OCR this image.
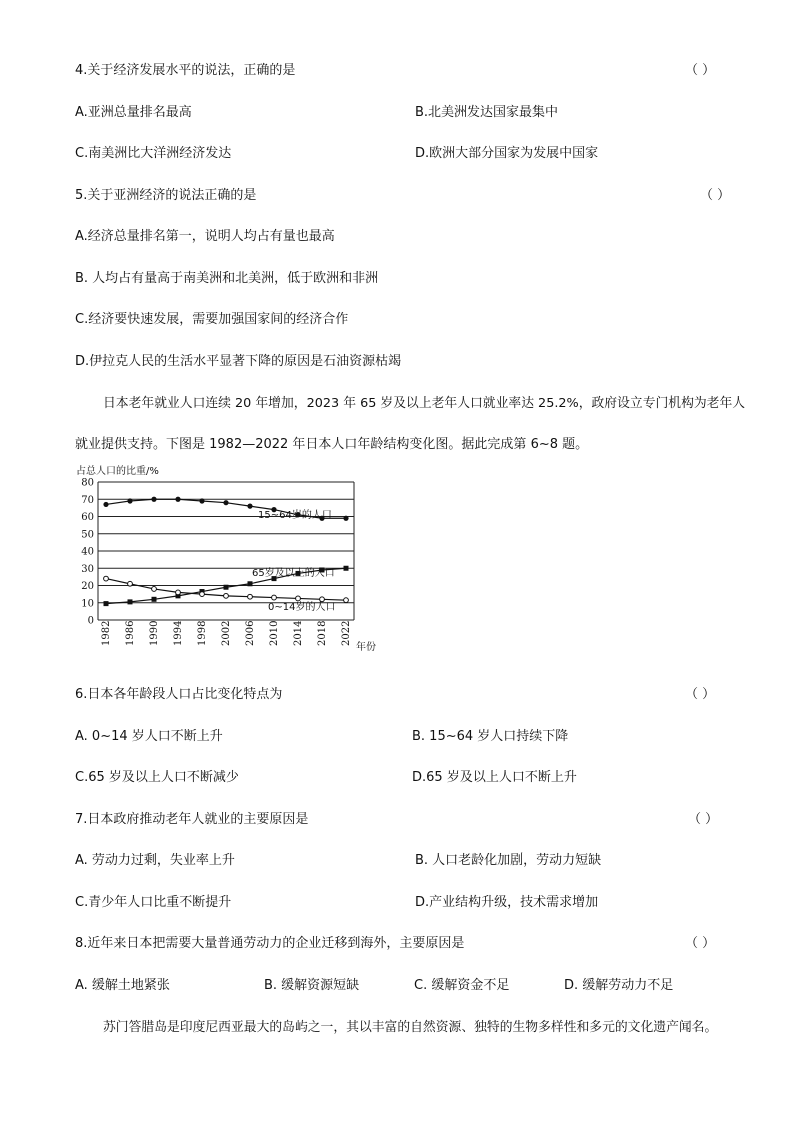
4.关于经济发展水平的说法，正确的是	（ ）
A.亚洲总量排名最高	B.北美洲发达国家最集中
C.南美洲比大洋洲经济发达	D.欧洲大部分国家为发展中国家
5.关于亚洲经济的说法正确的是	（ ）
A.经济总量排名第一，说明人均占有量也最高
B. 人均占有量高于南美洲和北美洲，低于欧洲和非洲
C.经济要快速发展，需要加强国家间的经济合作
D.伊拉克人民的生活水平显著下降的原因是石油资源枯竭
日本老年就业人口连续 20 年增加，2023 年 65 岁及以上老年人口就业率达 25.2%，政府设立专门机构为老年人
就业提供支持。下图是 1982—2022 年日本人口年龄结构变化图。据此完成第 6~8 题。
占总人口的比重/%
年份
0
10
20
30
40
50
60
70
80
1982 1986 1990 1994 1998 2002 2006 2010 2014 2018 2022
15~64岁的人口
65岁及以上的人口
0~14岁的人口
6.日本各年龄段人口占比变化特点为	（ ）
A. 0~14 岁人口不断上升	B. 15~64 岁人口持续下降
C.65 岁及以上人口不断减少	D.65 岁及以上人口不断上升
7.日本政府推动老年人就业的主要原因是	（ ）
A. 劳动力过剩，失业率上升	B. 人口老龄化加剧，劳动力短缺
C.青少年人口比重不断提升	D.产业结构升级，技术需求增加
8.近年来日本把需要大量普通劳动力的企业迁移到海外，主要原因是	（ ）
A. 缓解土地紧张	B. 缓解资源短缺	C. 缓解资金不足	D. 缓解劳动力不足
苏门答腊岛是印度尼西亚最大的岛屿之一，其以丰富的自然资源、独特的生物多样性和多元的文化遗产闻名。
